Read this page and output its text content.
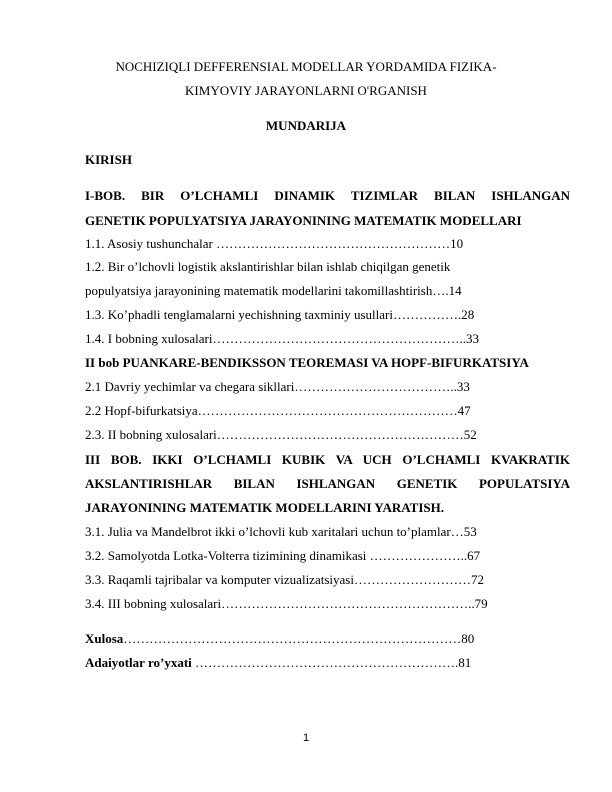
NOCHIZIQLI DEFFERENSIAL MODELLAR YORDAMIDA FIZIKA-
KIMYOVIY JARAYONLARNI O'RGANISH
MUNDARIJA
KIRISH
I-BOB. BIR O’LCHAMLI DINAMIK TIZIMLAR BILAN ISHLANGAN
GENETIK POPULYATSIYA JARAYONINING MATEMATIK MODELLARI
1.1. Asosiy tushunchalar ………………………………………………10
1.2. Bir o’lchovli logistik akslantirishlar bilan ishlab chiqilgan genetik
populyatsiya jarayonining matematik modellarini takomillashtirish….14
1.3. Ko’phadli tenglamalarni yechishning taxminiy usullari…………….28
1.4. I bobning xulosalari…………………………………………………..33
II bob PUANKARE-BENDIKSSON TEOREMASI VA HOPF-BIFURKATSIYA
2.1 Davriy yechimlar va chegara sikllari………………………………..33
2.2 Hopf-bifurkatsiya……………………………………………………47
2.3. II bobning xulosalari…………………………………………………52
III BOB. IKKI O’LCHAMLI KUBIK VA UCH O’LCHAMLI KVAKRATIK
AKSLANTIRISHLAR BILAN ISHLANGAN GENETIK POPULATSIYA
JARAYONINING MATEMATIK MODELLARINI YARATISH.
3.1. Julia va Mandelbrot ikki o’lchovli kub xaritalari uchun to’plamlar…53
3.2. Samolyotda Lotka-Volterra tizimining dinamikasi …………………..67
3.3. Raqamli tajribalar va komputer vizualizatsiyasi………………………72
3.4. III bobning xulosalari…………………………………………………..79
Xulosa……………………………………………………………………80
Adaiyotlar ro’yxati …………………………………………………….81
1
